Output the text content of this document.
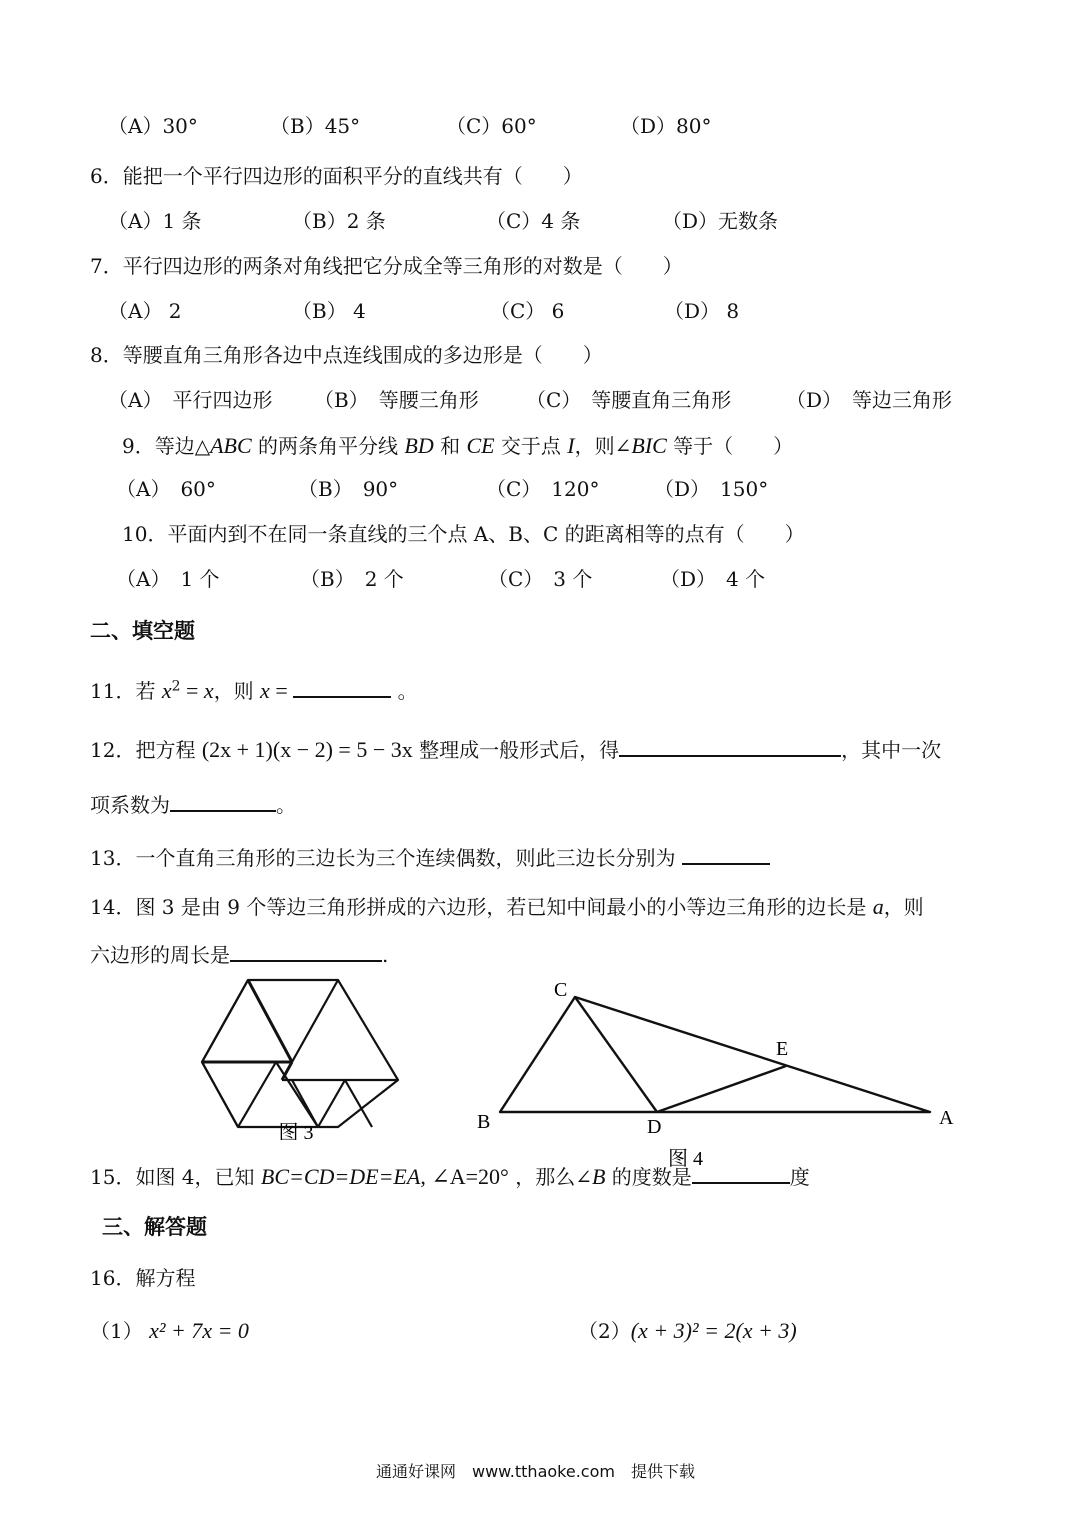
（A）30°	（B）45°	（C）60°	（D）80°
6．能把一个平行四边形的面积平分的直线共有（　　）
（A）1 条	（B）2 条	（C）4 条	（D）无数条
7．平行四边形的两条对角线把它分成全等三角形的对数是（　　）
（A） 2	（B） 4	（C） 6	（D） 8
8．等腰直角三角形各边中点连线围成的多边形是（　　）
（A）　平行四边形 （B）　等腰三角形 （C）　等腰直角三角形	（D）　等边三角形
9．等边△ABC 的两条角平分线 BD 和 CE 交于点 I，则∠BIC 等于（　　）
（A）　60°	（B）　90°	（C）　120°	（D）　150°
10．平面内到不在同一条直线的三个点 A、B、C 的距离相等的点有（　　）
（A）　1 个	（B）　2 个	（C）　3 个	（D）　4 个
二、填空题
11．若 $x^2 = x$，则 x =	。
12．把方程 (2x + 1)(x − 2) = 5 − 3x 整理成一般形式后，得	，其中一次
项系数为	。
13．一个直角三角形的三边长为三个连续偶数，则此三边长分别为
14．图 3 是由 9 个等边三角形拼成的六边形，若已知中间最小的小等边三角形的边长是 a，则
六边形的周长是	.
图 3
C
B	D
E
A
图 4
15．如图 4，已知 BC=CD=DE=EA, ∠A=20° ，那么∠B 的度数是	度
三、解答题
16．解方程
（1） x² + 7x = 0	（2）(x + 3)² = 2(x + 3)
通通好课网　www.tthaoke.com　提供下载
